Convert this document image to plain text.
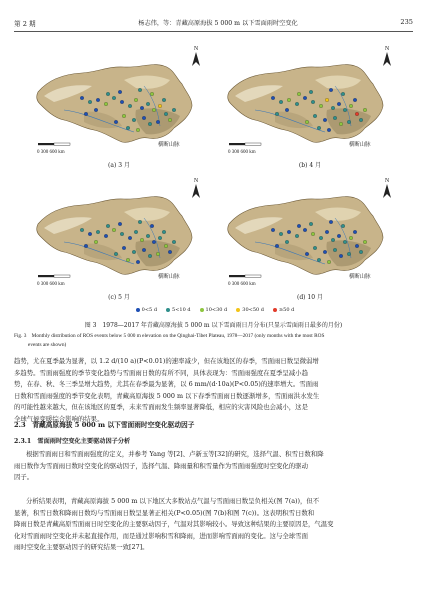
第 2 期	杨志伟，等：青藏高原海拔 5 000 m 以下雪面雨时空变化	235
N
横断山脉
0 300 600 km
(a) 3 月
N
横断山脉
0 300 600 km
(b) 4 月
N
横断山脉
0 300 600 km
(c) 5 月
N
横断山脉
0 300 600 km
(d) 10 月
0<5 d	5<10 d	10<30 d	30<50 d	≥50 d
图 3　1978—2017 年青藏高原海拔 5 000 m 以下雪面雨日月分布(只显示雪面雨日最多的月份)
Fig. 3　Monthly distribution of ROS events below 5 000 m elevation on the Qinghai-Tibet Plateau, 1978—2017 (only months with the most ROS
events are shown)
趋势，尤在夏季最为显著，以 1.2 d/(10 a)(P<0.01)的速率减少，但在该地区的春季，雪面雨日数呈微弱增
多趋势。雪面雨强度的季节变化趋势与雪面雨日数的有所不同，具体表现为：雪面雨强度在夏季呈减小趋
势，在春、秋、冬三季呈增大趋势，尤其在春季最为显著，以 6 mm/(d·10a)(P<0.05)的速率增大。雪面雨
日数和雪面雨强度的季节变化表明，青藏高原海拔 5 000 m 以下春季雪面雨日数逐渐增多，雪面雨洪水发生
的可能性越来越大，但在该地区的夏季，未来雪面雨发生频率显著降低，相应的灾害风险也会减小，这是
全球气候变暖综合影响的结果。
2.3　青藏高原海拔 5 000 m 以下雪面雨时空变化驱动因子
2.3.1　雪面雨时空变化主要驱动因子分析
根据雪面雨日和雪面雨强度的定义，并参考 Yang 等[2]、卢新玉等[32]的研究，选择气温、积雪日数和降
雨日数作为雪面雨日数时空变化的驱动因子，选择气温、降雨量和积雪量作为雪面雨强度时空变化的驱动
因子。
分析结果表明，青藏高原海拔 5 000 m 以下地区大多数站点气温与雪面雨日数呈负相关(图 7(a))，但不
显著，积雪日数和降雨日数均与雪面雨日数呈显著正相关(P<0.05)(图 7(b)和图 7(c))。这表明积雪日数和
降雨日数是青藏高原雪面雨日时空变化的主要驱动因子，气温对其影响较小。导致这种结果的主要原因是，气温变
化对雪面雨时空变化并未起直接作用，而是通过影响积雪和降雨，进而影响雪面雨的变化。这与全球雪面
雨时空变化主要驱动因子的研究结果一致[27]。
